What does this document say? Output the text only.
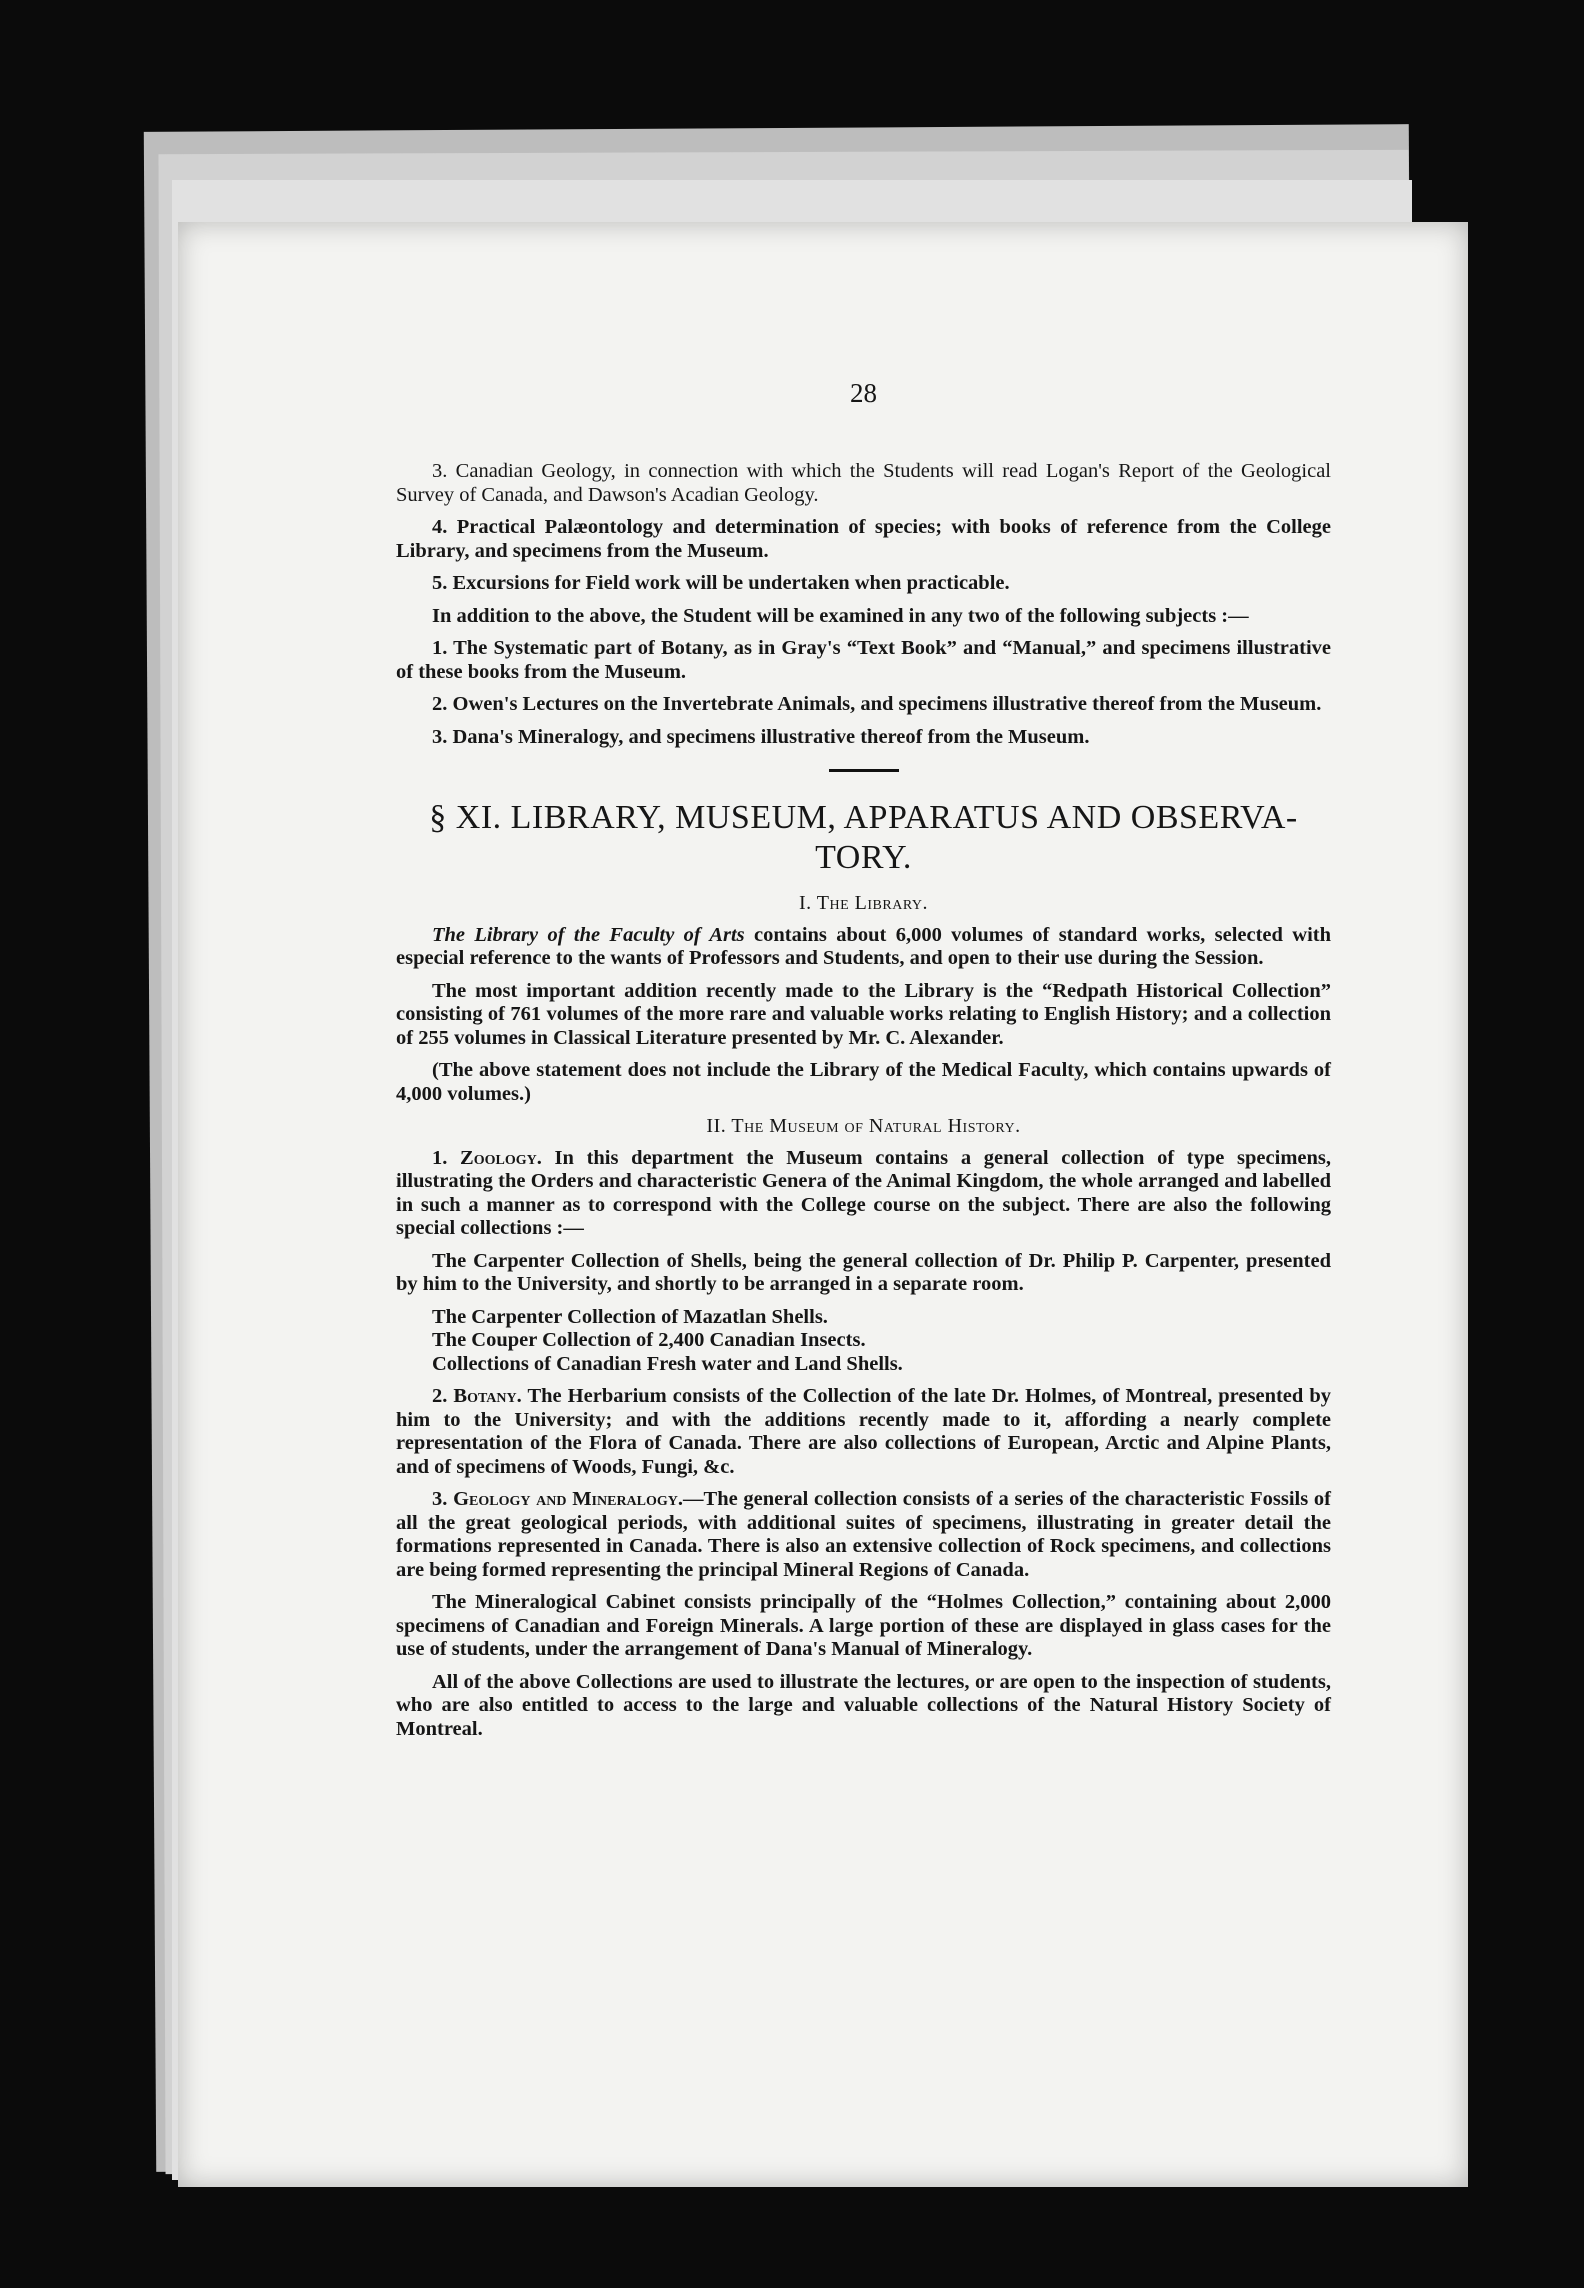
28

3. Canadian Geology, in connection with which the Students will read Logan's Report of the Geological Survey of Canada, and Dawson's Acadian Geology.

4. Practical Palæontology and determination of species; with books of reference from the College Library, and specimens from the Museum.

5. Excursions for Field work will be undertaken when practicable.

In addition to the above, the Student will be examined in any two of the following subjects :—

1. The Systematic part of Botany, as in Gray's “Text Book” and “Manual,” and specimens illustrative of these books from the Museum.

2. Owen's Lectures on the Invertebrate Animals, and specimens illustrative thereof from the Museum.

3. Dana's Mineralogy, and specimens illustrative thereof from the Museum.

§ XI. LIBRARY, MUSEUM, APPARATUS AND OBSERVA-
TORY.
I. The Library.

The Library of the Faculty of Arts contains about 6,000 volumes of standard works, selected with especial reference to the wants of Professors and Students, and open to their use during the Session.

The most important addition recently made to the Library is the “Redpath Historical Collection” consisting of 761 volumes of the more rare and valuable works relating to English History; and a collection of 255 volumes in Classical Literature presented by Mr. C. Alexander.

(The above statement does not include the Library of the Medical Faculty, which contains upwards of 4,000 volumes.)

II. The Museum of Natural History.

1. Zoology. In this department the Museum contains a general collection of type specimens, illustrating the Orders and characteristic Genera of the Animal Kingdom, the whole arranged and labelled in such a manner as to correspond with the College course on the subject. There are also the following special collections :—

The Carpenter Collection of Shells, being the general collection of Dr. Philip P. Carpenter, presented by him to the University, and shortly to be arranged in a separate room.

The Carpenter Collection of Mazatlan Shells.
The Couper Collection of 2,400 Canadian Insects.
Collections of Canadian Fresh water and Land Shells.

2. Botany. The Herbarium consists of the Collection of the late Dr. Holmes, of Montreal, presented by him to the University; and with the additions recently made to it, affording a nearly complete representation of the Flora of Canada. There are also collections of European, Arctic and Alpine Plants, and of specimens of Woods, Fungi, &c.

3. Geology and Mineralogy.—The general collection consists of a series of the characteristic Fossils of all the great geological periods, with additional suites of specimens, illustrating in greater detail the formations represented in Canada. There is also an extensive collection of Rock specimens, and collections are being formed representing the principal Mineral Regions of Canada.

The Mineralogical Cabinet consists principally of the “Holmes Collection,” containing about 2,000 specimens of Canadian and Foreign Minerals. A large portion of these are displayed in glass cases for the use of students, under the arrangement of Dana's Manual of Mineralogy.

All of the above Collections are used to illustrate the lectures, or are open to the inspection of students, who are also entitled to access to the large and valuable collections of the Natural History Society of Montreal.
